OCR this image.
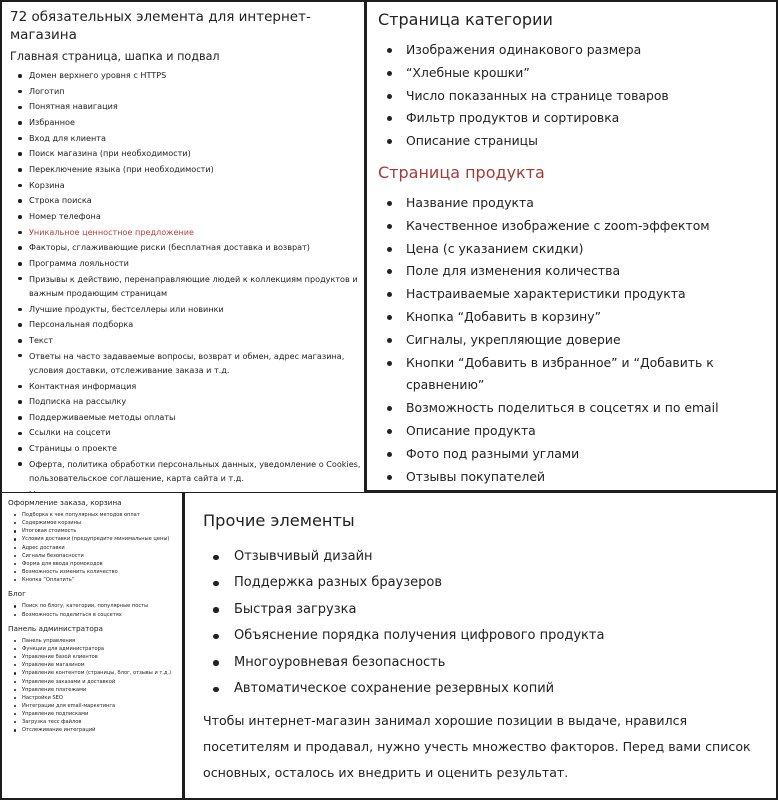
72 обязательных элемента для интернет-магазина
Главная страница, шапка и подвал
Домен верхнего уровня с HTTPS
Логотип
Понятная навигация
Избранное
Вход для клиента
Поиск магазина (при необходимости)
Переключение языка (при необходимости)
Корзина
Строка поиска
Номер телефона
Уникальное ценностное предложение
Факторы, сглаживающие риски (бесплатная доставка и возврат)
Программа лояльности
Призывы к действию, перенаправляющие людей к коллекциям продуктов и важным продающим страницам
Лучшие продукты, бестселлеры или новинки
Персональная подборка
Текст
Ответы на часто задаваемые вопросы, возврат и обмен, адрес магазина, условия доставки, отслеживание заказа и т.д.
Контактная информация
Подписка на рассылку
Поддерживаемые методы оплаты
Ссылки на соцсети
Страницы о проекте
Оферта, политика обработки персональных данных, уведомление о Cookies, пользовательское соглашение, карта сайта и т.д.
Страница категории
Изображения одинакового размера
“Хлебные крошки”
Число показанных на странице товаров
Фильтр продуктов и сортировка
Описание страницы
Страница продукта
Название продукта
Качественное изображение с zoom-эффектом
Цена (с указанием скидки)
Поле для изменения количества
Настраиваемые характеристики продукта
Кнопка “Добавить в корзину”
Сигналы, укрепляющие доверие
Кнопки “Добавить в избранное” и “Добавить к сравнению”
Возможность поделиться в соцсетях и по email
Описание продукта
Фото под разными углами
Отзывы покупателей
Оформление заказа, корзина
Подборка к чек популярных методов оплат
Содержимое корзины
Итоговая стоимость
Условия доставки (предупредите минимальные цены)
Адрес доставки
Сигналы безопасности
Форма для ввода промокодов
Возможность изменить количество
Кнопка “Оплатить”
Блог
Поиск по блогу, категории, популярные посты
Возможность поделиться в соцсетях
Панель администратора
Панель управления
Функции для администратора
Управление базой клиентов
Управление магазином
Управление контентом (страницы, блог, отзывы и т.д.)
Управление заказами и доставкой
Управление платежами
Настройки SEO
Интеграции для email-маркетинга
Управление подписками
Загрузка тесс файлов
Отслеживание интеграций
Прочие элементы
Отзывчивый дизайн
Поддержка разных браузеров
Быстрая загрузка
Объяснение порядка получения цифрового продукта
Многоуровневая безопасность
Автоматическое сохранение резервных копий

Чтобы интернет-магазин занимал хорошие позиции в выдаче, нравился посетителям и продавал, нужно учесть множество факторов. Перед вами список основных, осталось их внедрить и оценить результат.
